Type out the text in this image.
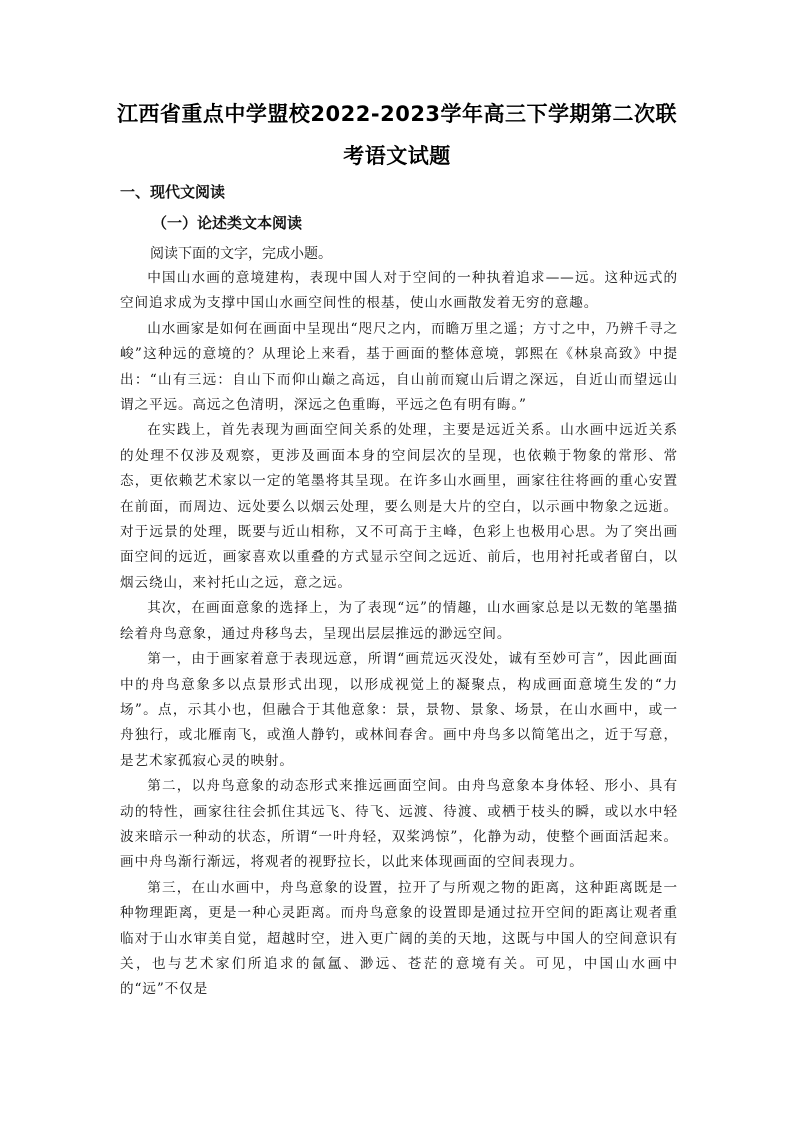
江西省重点中学盟校2022-2023学年高三下学期第二次联
考语文试题
一、现代文阅读
（一）论述类文本阅读
阅读下面的文字，完成小题。

中国山水画的意境建构，表现中国人对于空间的一种执着追求——远。这种远式的空间追求成为支撑中国山水画空间性的根基，使山水画散发着无穷的意趣。

山水画家是如何在画面中呈现出“咫尺之内，而瞻万里之遥；方寸之中，乃辨千寻之峻”这种远的意境的？从理论上来看，基于画面的整体意境，郭熙在《林泉高致》中提出：“山有三远：自山下而仰山巅之高远，自山前而窥山后谓之深远，自近山而望远山谓之平远。高远之色清明，深远之色重晦，平远之色有明有晦。”

在实践上，首先表现为画面空间关系的处理，主要是远近关系。山水画中远近关系的处理不仅涉及观察，更涉及画面本身的空间层次的呈现，也依赖于物象的常形、常态，更依赖艺术家以一定的笔墨将其呈现。在许多山水画里，画家往往将画的重心安置在前面，而周边、远处要么以烟云处理，要么则是大片的空白，以示画中物象之远逝。对于远景的处理，既要与近山相称，又不可高于主峰，色彩上也极用心思。为了突出画面空间的远近，画家喜欢以重叠的方式显示空间之远近、前后，也用衬托或者留白，以烟云绕山，来衬托山之远，意之远。

其次，在画面意象的选择上，为了表现“远”的情趣，山水画家总是以无数的笔墨描绘着舟鸟意象，通过舟移鸟去，呈现出层层推远的渺远空间。

第一，由于画家着意于表现远意，所谓“画荒远灭没处，诚有至妙可言”，因此画面中的舟鸟意象多以点景形式出现，以形成视觉上的凝聚点，构成画面意境生发的“力场”。点，示其小也，但融合于其他意象：景，景物、景象、场景，在山水画中，或一舟独行，或北雁南飞，或渔人静钓，或林间春舍。画中舟鸟多以简笔出之，近于写意，是艺术家孤寂心灵的映射。

第二，以舟鸟意象的动态形式来推远画面空间。由舟鸟意象本身体轻、形小、具有动的特性，画家往往会抓住其远飞、待飞、远渡、待渡、或栖于枝头的瞬，或以水中轻波来暗示一种动的状态，所谓“一叶舟轻，双桨鸿惊”，化静为动，使整个画面活起来。画中舟鸟渐行渐远，将观者的视野拉长，以此来体现画面的空间表现力。

第三，在山水画中，舟鸟意象的设置，拉开了与所观之物的距离，这种距离既是一种物理距离，更是一种心灵距离。而舟鸟意象的设置即是通过拉开空间的距离让观者重临对于山水审美自觉，超越时空，进入更广阔的美的天地，这既与中国人的空间意识有关，也与艺术家们所追求的氤氲、渺远、苍茫的意境有关。可见，中国山水画中的“远”不仅是
